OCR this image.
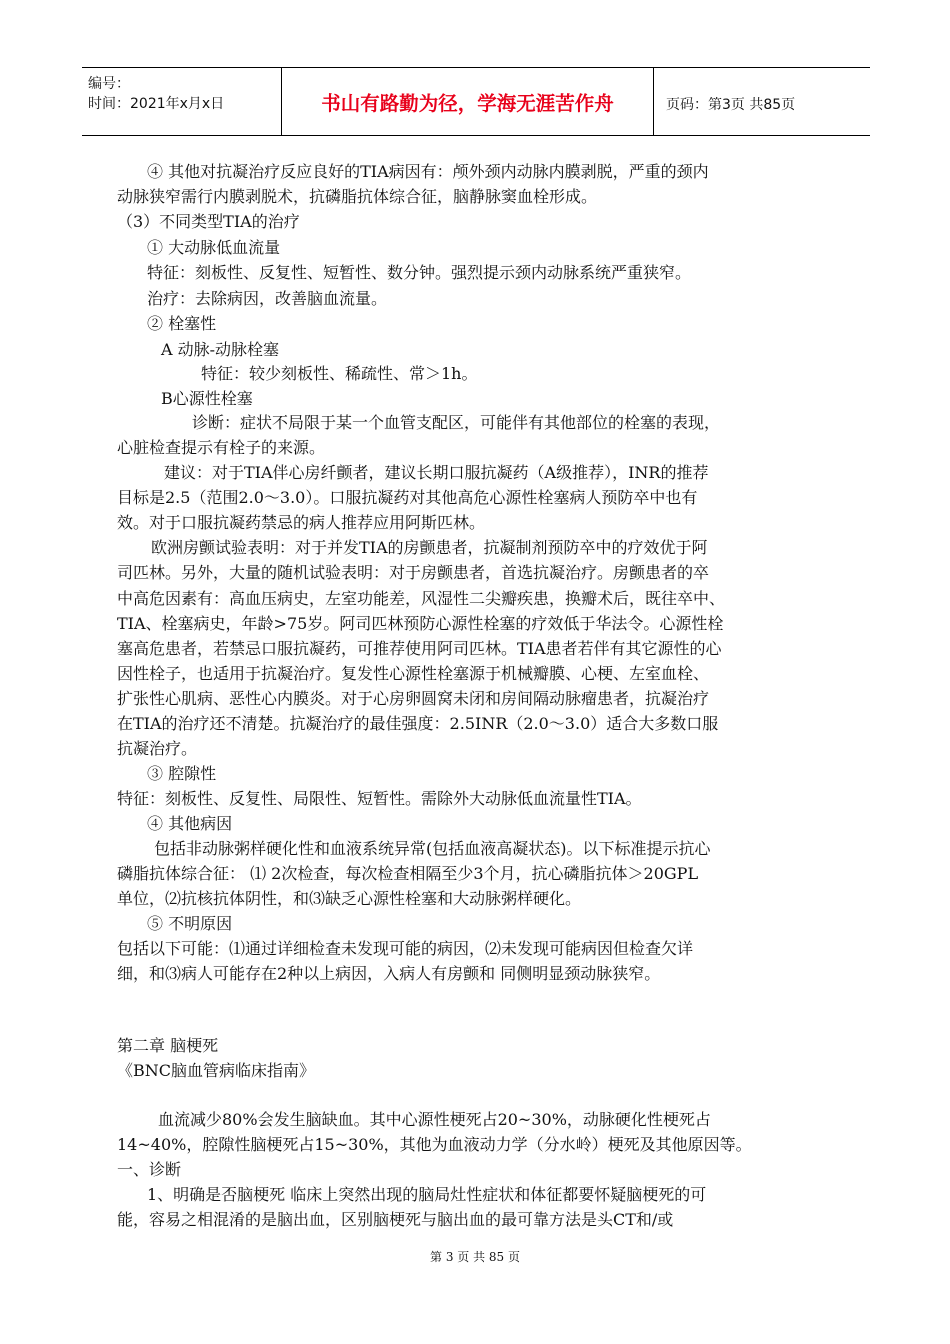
编号：
时间：2021年x月x日	书山有路勤为径，学海无涯苦作舟	页码：第3页 共85页
④ 其他对抗凝治疗反应良好的TIA病因有：颅外颈内动脉内膜剥脱，严重的颈内
动脉狭窄需行内膜剥脱术，抗磷脂抗体综合征，脑静脉窦血栓形成。
（3）不同类型TIA的治疗
① 大动脉低血流量
特征：刻板性、反复性、短暂性、数分钟。强烈提示颈内动脉系统严重狭窄。
治疗：去除病因，改善脑血流量。
② 栓塞性
A 动脉-动脉栓塞
特征：较少刻板性、稀疏性、常＞1h。
B心源性栓塞
诊断：症状不局限于某一个血管支配区，可能伴有其他部位的栓塞的表现，
心脏检查提示有栓子的来源。
建议：对于TIA伴心房纤颤者，建议长期口服抗凝药（A级推荐），INR的推荐
目标是2.5（范围2.0～3.0）。口服抗凝药对其他高危心源性栓塞病人预防卒中也有
效。对于口服抗凝药禁忌的病人推荐应用阿斯匹林。
欧洲房颤试验表明：对于并发TIA的房颤患者，抗凝制剂预防卒中的疗效优于阿
司匹林。另外，大量的随机试验表明：对于房颤患者，首选抗凝治疗。房颤患者的卒
中高危因素有：高血压病史，左室功能差，风湿性二尖瓣疾患，换瓣术后，既往卒中、
TIA、栓塞病史，年龄>75岁。阿司匹林预防心源性栓塞的疗效低于华法令。心源性栓
塞高危患者，若禁忌口服抗凝药，可推荐使用阿司匹林。TIA患者若伴有其它源性的心
因性栓子，也适用于抗凝治疗。复发性心源性栓塞源于机械瓣膜、心梗、左室血栓、
扩张性心肌病、恶性心内膜炎。对于心房卵圆窝未闭和房间隔动脉瘤患者，抗凝治疗
在TIA的治疗还不清楚。抗凝治疗的最佳强度：2.5INR（2.0～3.0）适合大多数口服
抗凝治疗。
③ 腔隙性
特征：刻板性、反复性、局限性、短暂性。需除外大动脉低血流量性TIA。
④ 其他病因
包括非动脉粥样硬化性和血液系统异常(包括血液高凝状态)。以下标准提示抗心
磷脂抗体综合征： ⑴ 2次检查，每次检查相隔至少3个月，抗心磷脂抗体＞20GPL
单位，⑵抗核抗体阴性，和⑶缺乏心源性栓塞和大动脉粥样硬化。
⑤ 不明原因
包括以下可能：⑴通过详细检查未发现可能的病因，⑵未发现可能病因但检查欠详
细，和⑶病人可能存在2种以上病因，入病人有房颤和 同侧明显颈动脉狭窄。
第二章 脑梗死
《BNC脑血管病临床指南》
血流减少80%会发生脑缺血。其中心源性梗死占20~30%，动脉硬化性梗死占
14~40%，腔隙性脑梗死占15~30%，其他为血液动力学（分水岭）梗死及其他原因等。
一、诊断
1、明确是否脑梗死 临床上突然出现的脑局灶性症状和体征都要怀疑脑梗死的可
能，容易之相混淆的是脑出血，区别脑梗死与脑出血的最可靠方法是头CT和/或
第 3 页 共 85 页
